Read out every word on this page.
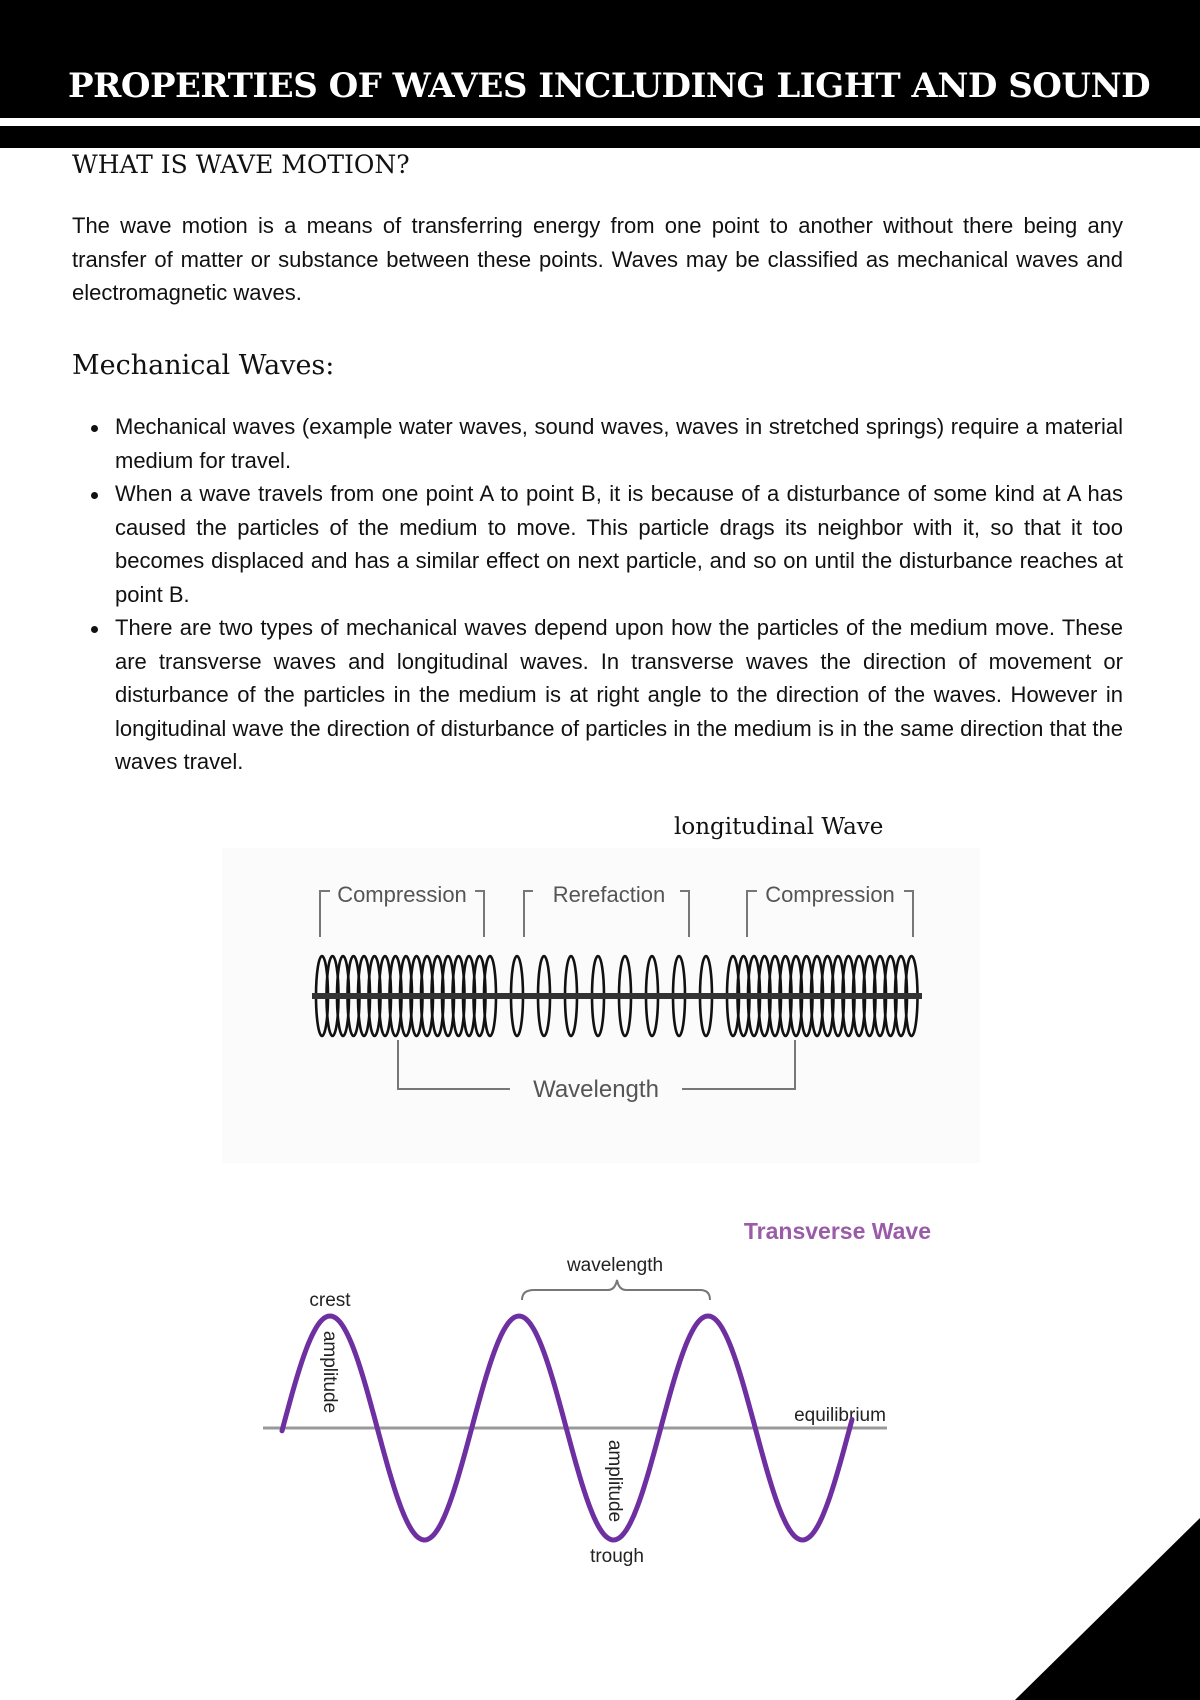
PROPERTIES OF WAVES INCLUDING LIGHT AND SOUND
WHAT IS WAVE MOTION?

The wave motion is a means of transferring energy from one point to another without there being any transfer of matter or substance between these points. Waves may be classified as mechanical waves and electromagnetic waves.

Mechanical Waves:
Mechanical waves (example water waves, sound waves, waves in stretched springs) require a material medium for travel.
When a wave travels from one point A to point B, it is because of a disturbance of some kind at A has caused the particles of the medium to move. This particle drags its neighbor with it, so that it too becomes displaced and has a similar effect on next particle, and so on until the disturbance reaches at point B.
There are two types of mechanical waves depend upon how the particles of the medium move. These are transverse waves and longitudinal waves. In transverse waves the direction of movement or disturbance of the particles in the medium is at right angle to the direction of the waves. However in longitudinal wave the direction of disturbance of particles in the medium is in the same direction that the waves travel.
longitudinal Wave
Compression	Rerefaction	Compression
Wavelength
Transverse Wave
wavelength
crest
equilibrium
amplitude
amplitude
trough
